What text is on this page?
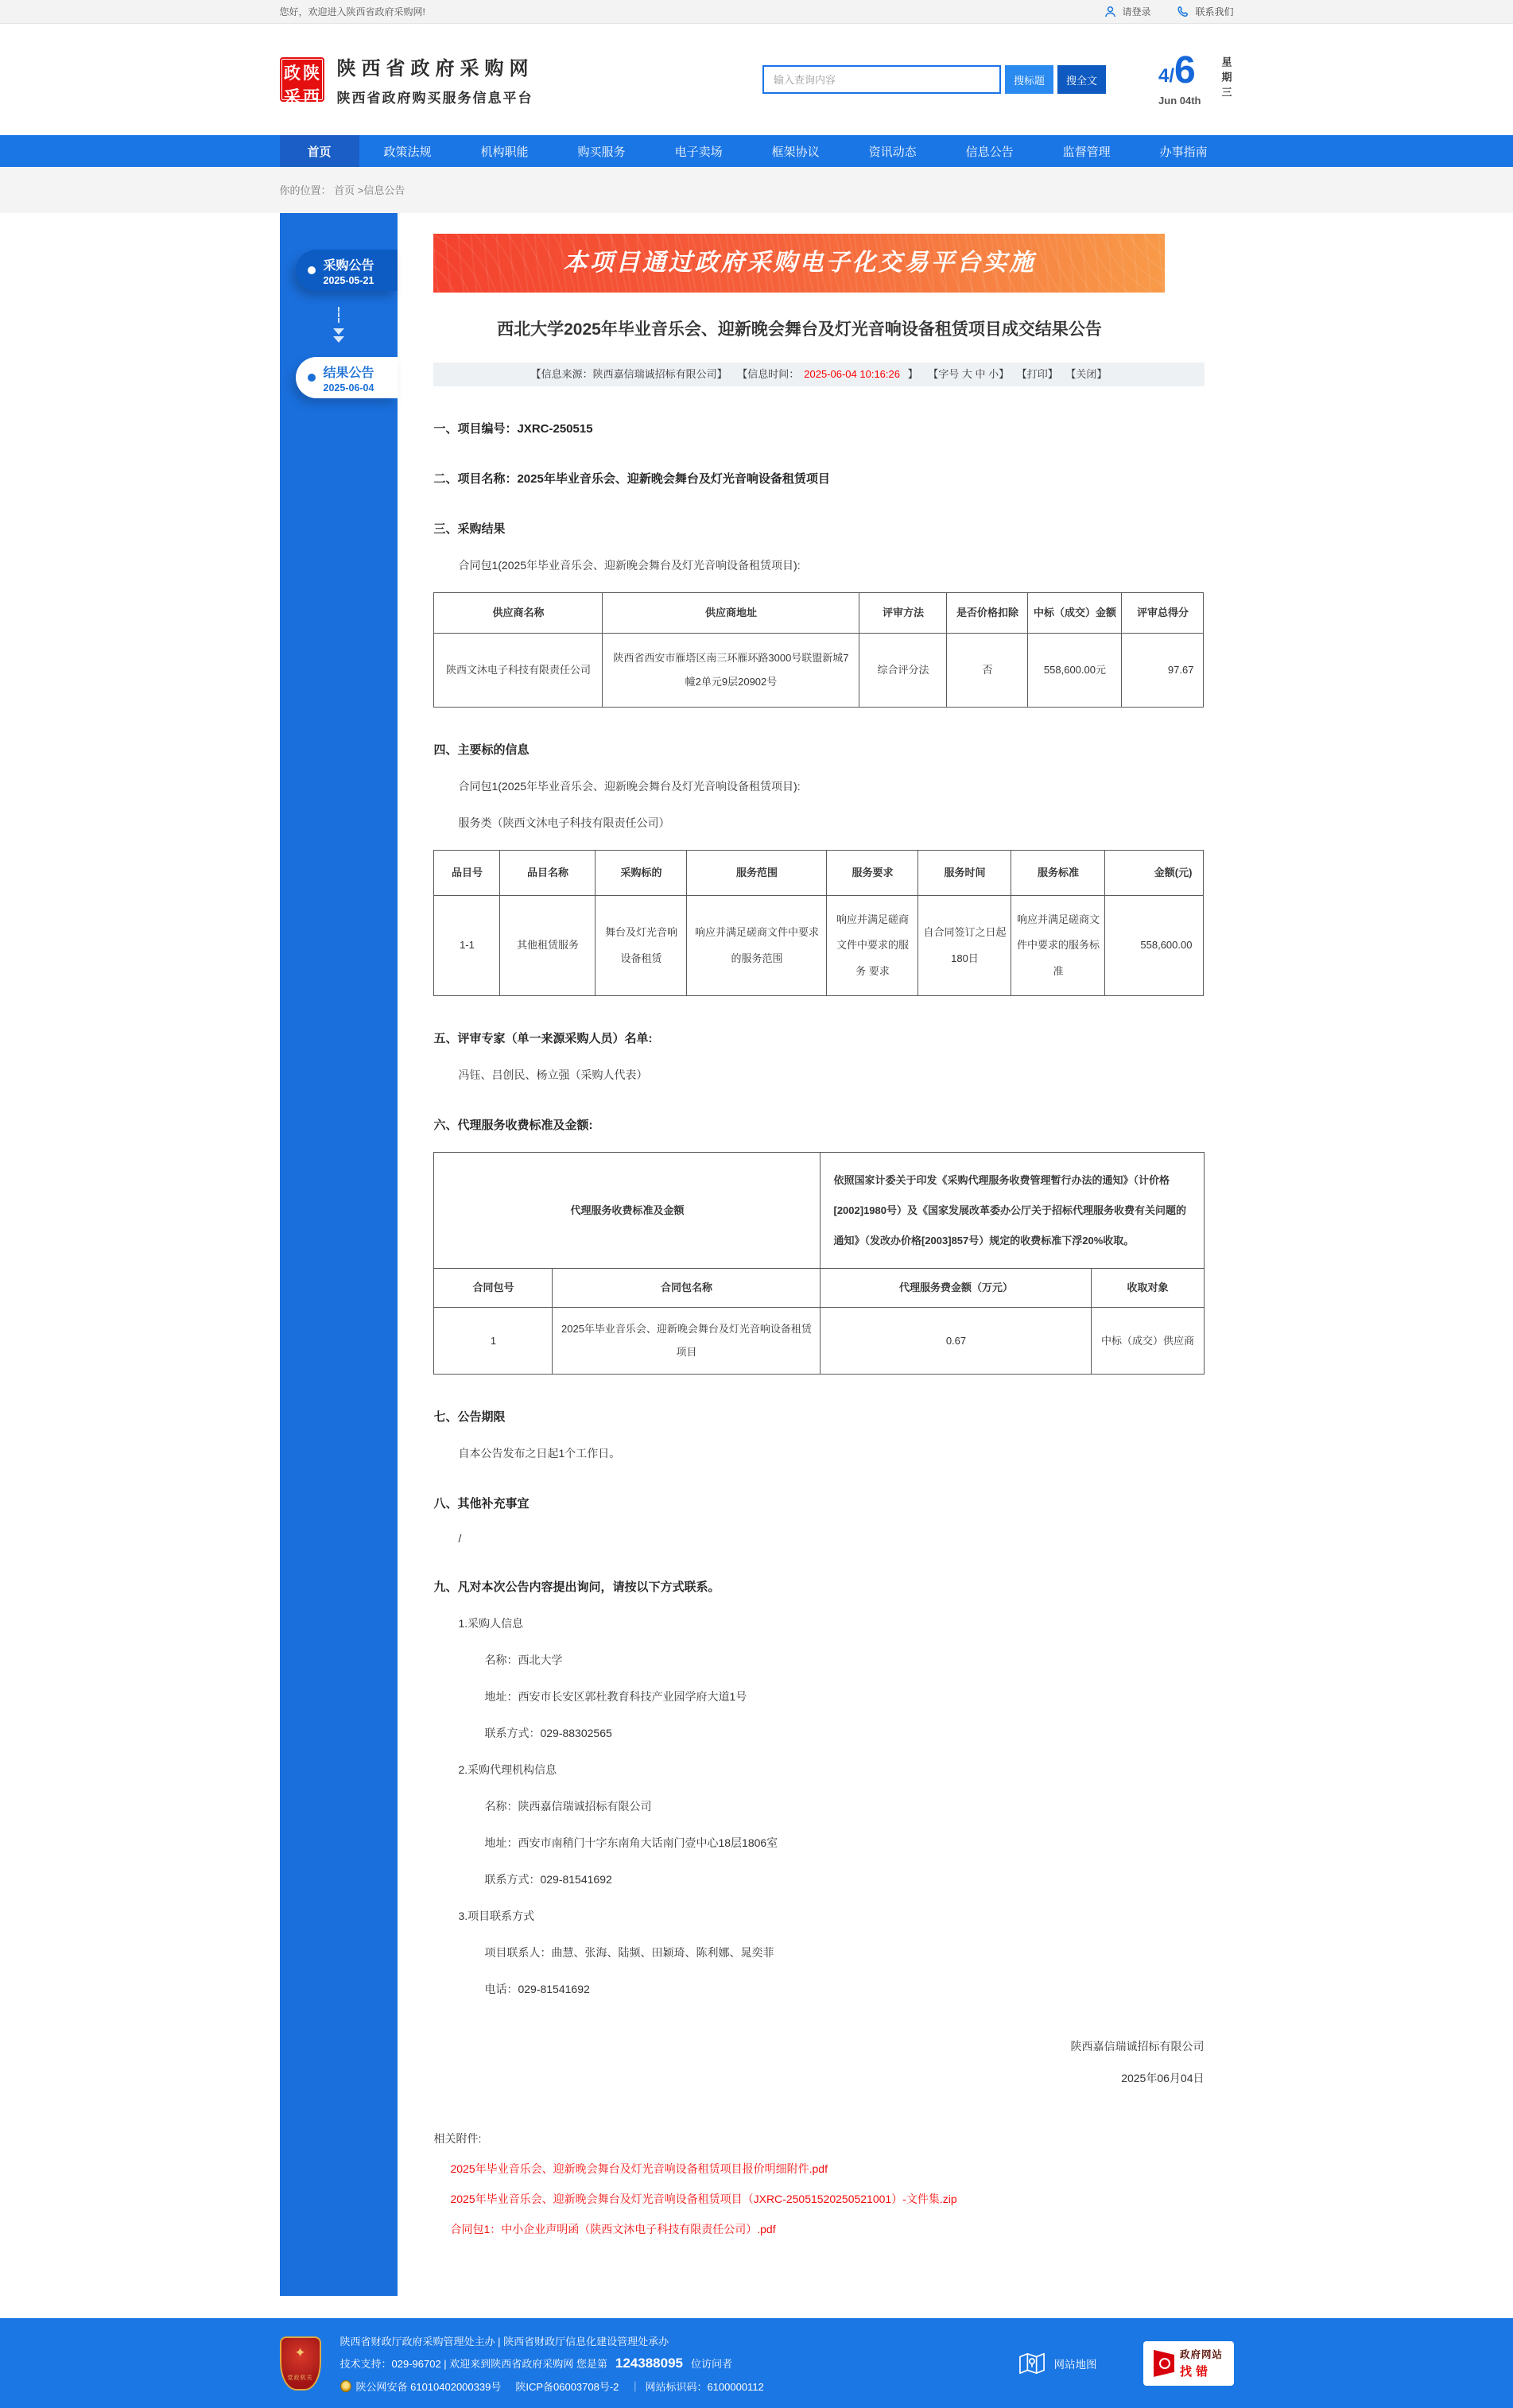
您好，欢迎进入陕西省政府采购网!	请登录	联系我们
政 陕
采 西
陕西省政府采购网
陕西省政府购买服务信息平台
输入查询内容
搜标题	搜全文	4/ 6
Jun 04th 星期三
首页	政策法规	机构职能	购买服务	电子卖场	框架协议	资讯动态	信息公告	监督管理	办事指南
你的位置： 首页 >信息公告
采购公告
2025-05-21
结果公告
2025-06-04
本项目通过政府采购电子化交易平台实施
西北大学2025年毕业音乐会、迎新晚会舞台及灯光音响设备租赁项目成交结果公告
【信息来源：陕西嘉信瑞诚招标有限公司】 【信息时间： 2025-06-04 10:16:26 】 【字号 大 中 小】 【打印】 【关闭】
一、项目编号：JXRC-250515
二、项目名称：2025年毕业音乐会、迎新晚会舞台及灯光音响设备租赁项目
三、采购结果
合同包1(2025年毕业音乐会、迎新晚会舞台及灯光音响设备租赁项目):
供应商名称	供应商地址	评审方法	是否价格扣除	中标（成交）金额	评审总得分
陕西文沐电子科技有限责任公司	陕西省西安市雁塔区南三环雁环路3000号联盟新城7幢2单元9层20902号	综合评分法	否	558,600.00元	97.67
四、主要标的信息
合同包1(2025年毕业音乐会、迎新晚会舞台及灯光音响设备租赁项目):
服务类（陕西文沐电子科技有限责任公司）
品目号	品目名称	采购标的	服务范围	服务要求	服务时间	服务标准	金额(元)
1-1	其他租赁服务	舞台及灯光音响设备租赁	响应并满足磋商文件中要求的服务范围	响应并满足磋商文件中要求的服务 要求	自合同签订之日起180日	响应并满足磋商文件中要求的服务标准	558,600.00
五、评审专家（单一来源采购人员）名单:
冯钰、吕创民、杨立强（采购人代表）
六、代理服务收费标准及金额:
代理服务收费标准及金额		依照国家计委关于印发《采购代理服务收费管理暂行办法的通知》（计价格[2002]1980号）及《国家发展改革委办公厅关于招标代理服务收费有关问题的通知》（发改办价格[2003]857号）规定的收费标准下浮20%收取。	
合同包号	合同包名称	代理服务费金额（万元）	收取对象
1	2025年毕业音乐会、迎新晚会舞台及灯光音响设备租赁项目	0.67	中标（成交）供应商
七、公告期限
自本公告发布之日起1个工作日。
八、其他补充事宜
/
九、凡对本次公告内容提出询问，请按以下方式联系。
1.采购人信息
名称：西北大学
地址：西安市长安区郭杜教育科技产业园学府大道1号
联系方式：029-88302565
2.采购代理机构信息
名称：陕西嘉信瑞诚招标有限公司
地址：西安市南稍门十字东南角大话南门壹中心18层1806室
联系方式：029-81541692
3.项目联系方式
项目联系人：曲慧、张海、陆频、田颖琦、陈利娜、晁奕菲
电话：029-81541692
陕西嘉信瑞诚招标有限公司
2025年06月04日
相关附件:
2025年毕业音乐会、迎新晚会舞台及灯光音响设备租赁项目报价明细附件.pdf
2025年毕业音乐会、迎新晚会舞台及灯光音响设备租赁项目（JXRC-25051520250521001）-文件集.zip
合同包1：中小企业声明函（陕西文沐电子科技有限责任公司）.pdf
✦
党政机关
陕西省财政厅政府采购管理处主办 | 陕西省财政厅信息化建设管理处承办
技术支持：029-96702 | 欢迎来到陕西省政府采购网 您是第 124388095 位访问者
陕公网安备 61010402000339号 陕ICP备06003708号-2 ｜ 网站标识码：6100000112
网站地图
政府网站
找错
